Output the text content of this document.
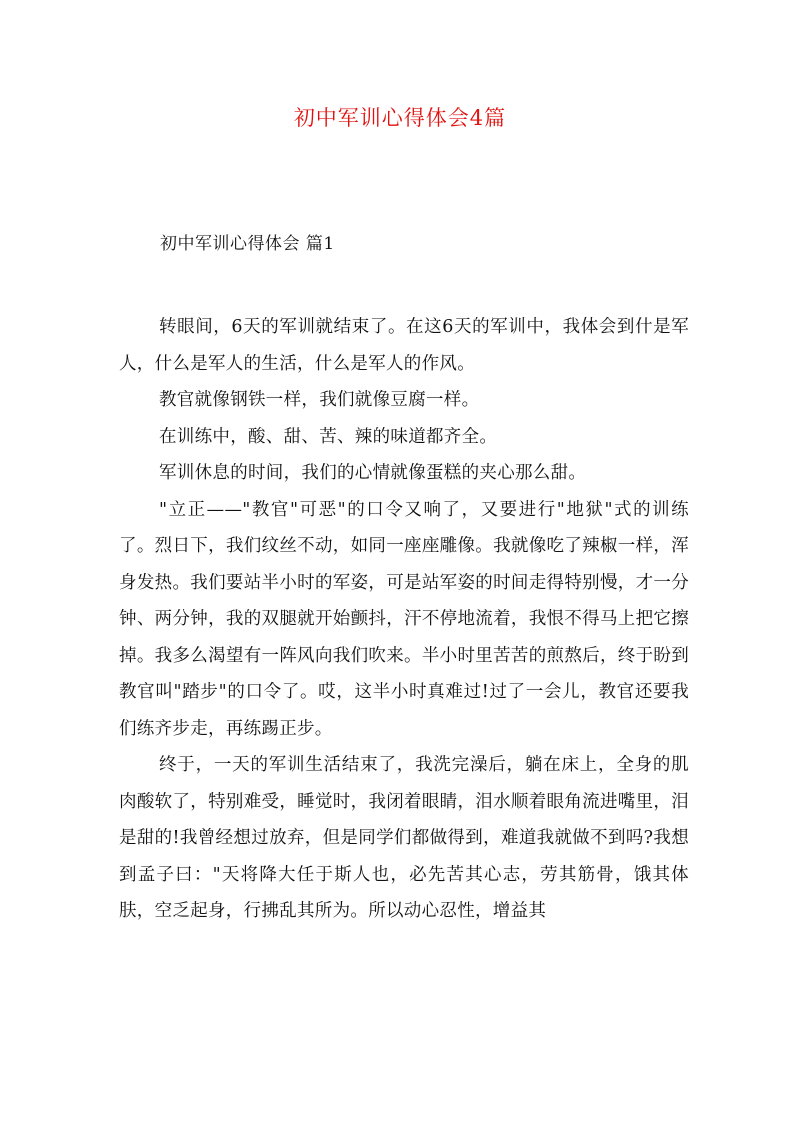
初中军训心得体会4篇
初中军训心得体会 篇1

转眼间，6天的军训就结束了。在这6天的军训中，我体会到什是军人，什么是军人的生活，什么是军人的作风。

教官就像钢铁一样，我们就像豆腐一样。

在训练中，酸、甜、苦、辣的味道都齐全。

军训休息的时间，我们的心情就像蛋糕的夹心那么甜。

"立正——"教官"可恶"的口令又响了，又要进行"地狱"式的训练了。烈日下，我们纹丝不动，如同一座座雕像。我就像吃了辣椒一样，浑身发热。我们要站半小时的军姿，可是站军姿的时间走得特别慢，才一分钟、两分钟，我的双腿就开始颤抖，汗不停地流着，我恨不得马上把它擦掉。我多么渴望有一阵风向我们吹来。半小时里苦苦的煎熬后，终于盼到教官叫"踏步"的口令了。哎，这半小时真难过!过了一会儿，教官还要我们练齐步走，再练踢正步。

终于，一天的军训生活结束了，我洗完澡后，躺在床上，全身的肌肉酸软了，特别难受，睡觉时，我闭着眼睛，泪水顺着眼角流进嘴里，泪是甜的!我曾经想过放弃，但是同学们都做得到，难道我就做不到吗?我想到孟子曰："天将降大任于斯人也，必先苦其心志，劳其筋骨，饿其体肤，空乏起身，行拂乱其所为。所以动心忍性，增益其
